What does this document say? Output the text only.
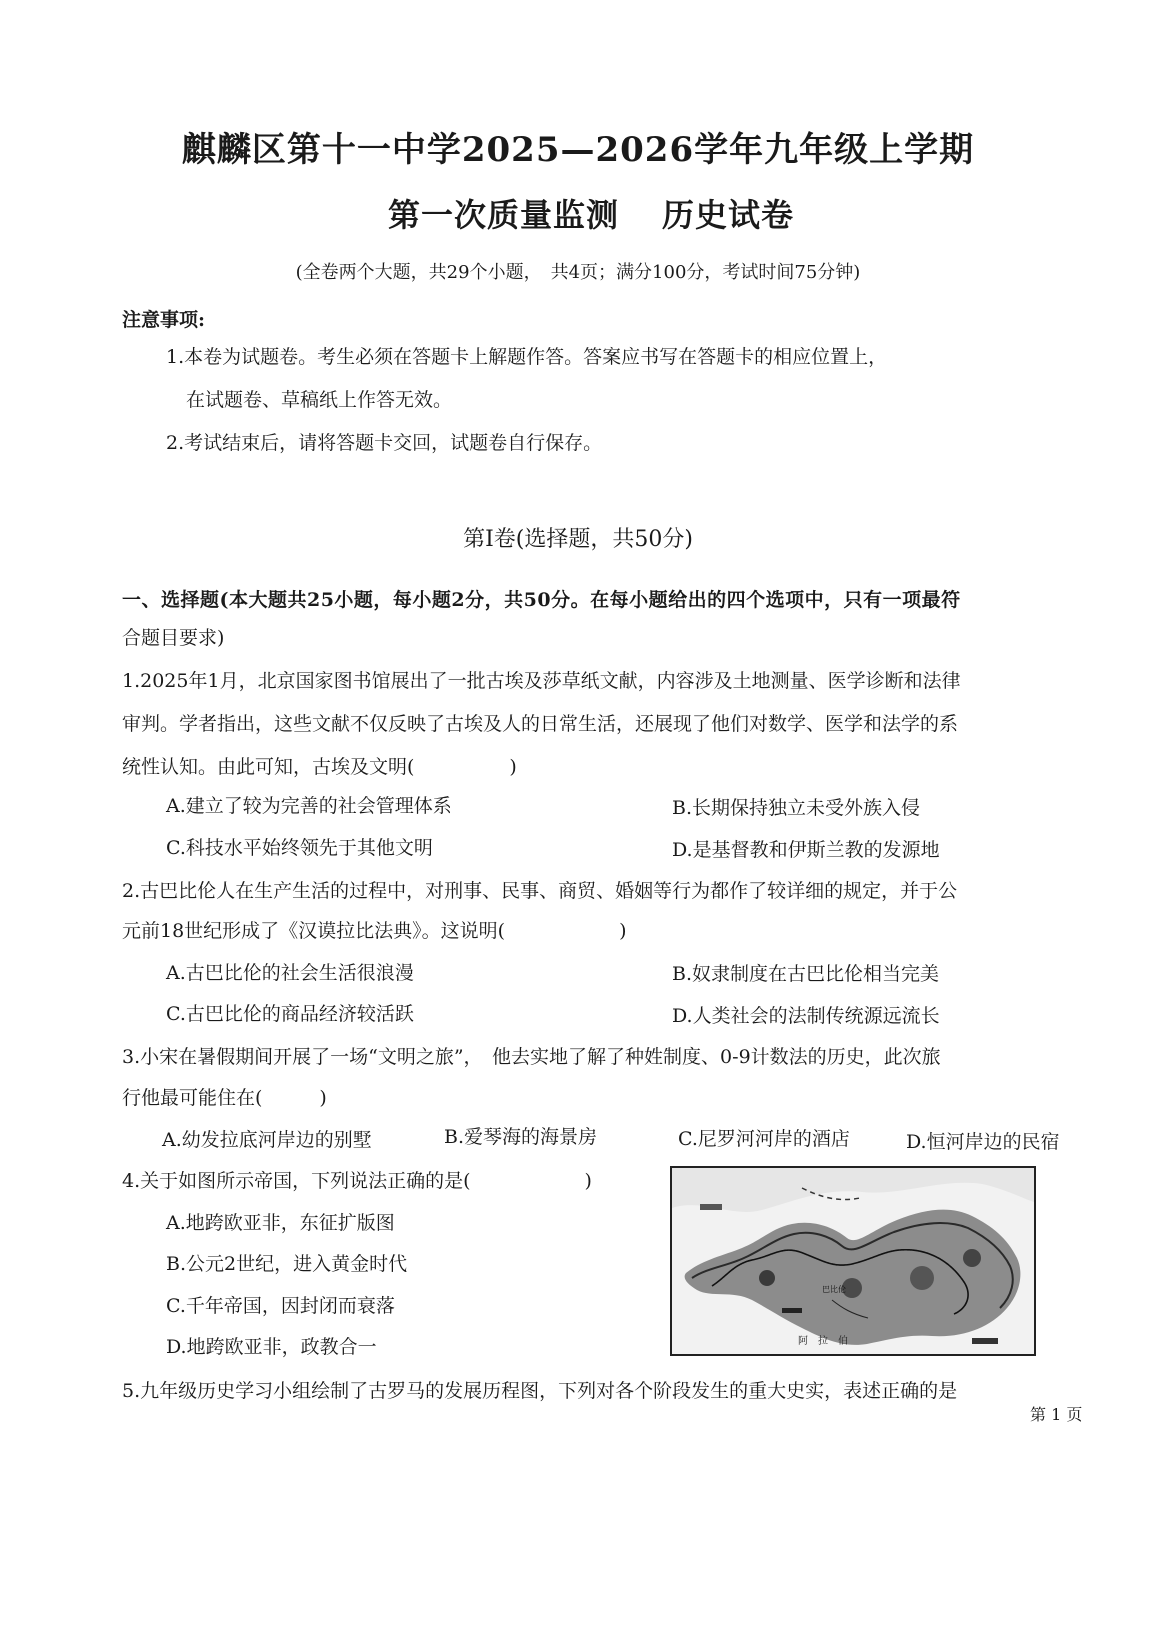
麒麟区第十一中学2025—2026学年九年级上学期
第一次质量监测 历史试卷
(全卷两个大题，共29个小题，　共4页；满分100分，考试时间75分钟)
注意事项:
1.本卷为试题卷。考生必须在答题卡上解题作答。答案应书写在答题卡的相应位置上，
在试题卷、草稿纸上作答无效。
2.考试结束后，请将答题卡交回，试题卷自行保存。
第Ⅰ卷(选择题，共50分)
一、选择题(本大题共25小题，每小题2分，共50分。在每小题给出的四个选项中，只有一项最符
合题目要求)
1.2025年1月，北京国家图书馆展出了一批古埃及莎草纸文献，内容涉及土地测量、医学诊断和法律
审判。学者指出，这些文献不仅反映了古埃及人的日常生活，还展现了他们对数学、医学和法学的系
统性认知。由此可知，古埃及文明(　　　　　)
A.建立了较为完善的社会管理体系	B.长期保持独立未受外族入侵
C.科技水平始终领先于其他文明	D.是基督教和伊斯兰教的发源地
2.古巴比伦人在生产生活的过程中，对刑事、民事、商贸、婚姻等行为都作了较详细的规定，并于公
元前18世纪形成了《汉谟拉比法典》。这说明(　　　　　　)
A.古巴比伦的社会生活很浪漫	B.奴隶制度在古巴比伦相当完美
C.古巴比伦的商品经济较活跃	D.人类社会的法制传统源远流长
3.小宋在暑假期间开展了一场“文明之旅”，　他去实地了解了种姓制度、0-9计数法的历史，此次旅
行他最可能住在(　　　)
A.幼发拉底河岸边的别墅	B.爱琴海的海景房	C.尼罗河河岸的酒店	D.恒河岸边的民宿
4.关于如图所示帝国，下列说法正确的是(　　　　　　)
A.地跨欧亚非，东征扩版图
B.公元2世纪，进入黄金时代
C.千年帝国，因封闭而衰落
D.地跨欧亚非，政教合一	阿　拉　伯
巴比伦
5.九年级历史学习小组绘制了古罗马的发展历程图，下列对各个阶段发生的重大史实，表述正确的是
第 1 页
